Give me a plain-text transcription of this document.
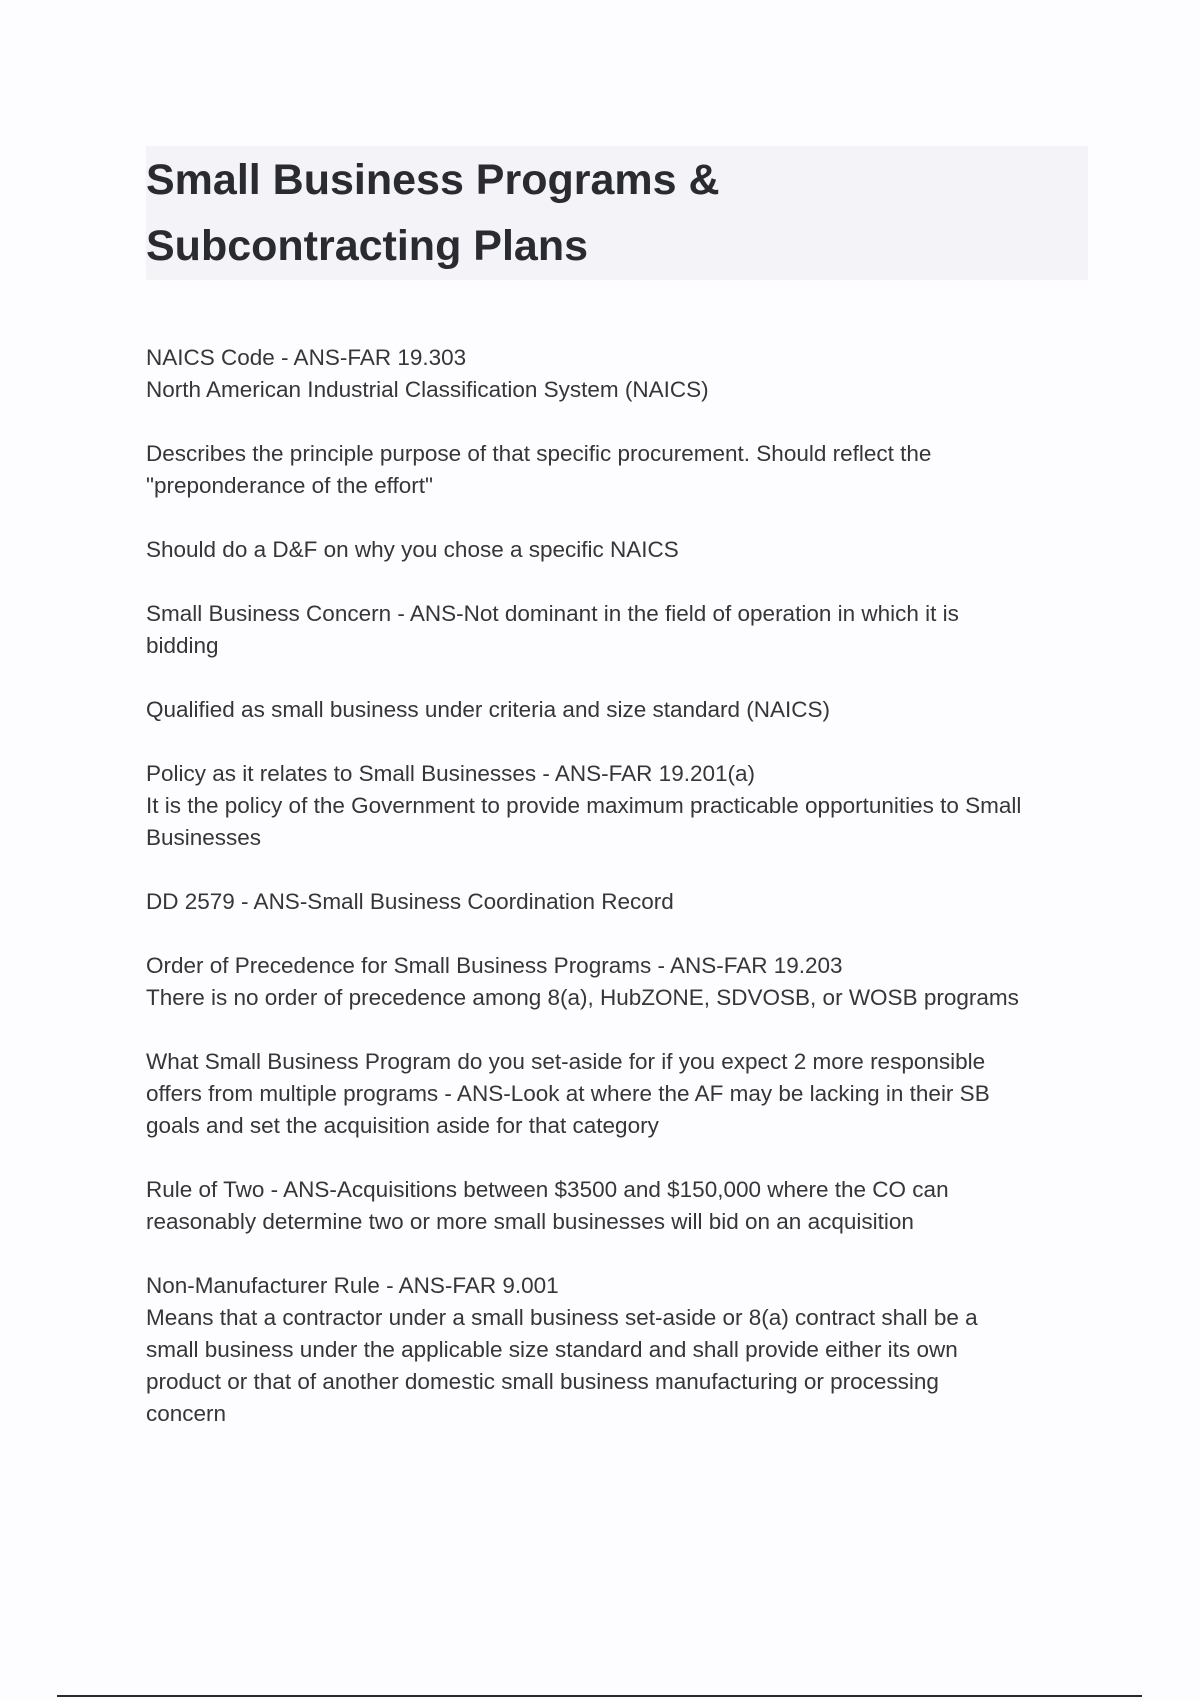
Small Business Programs &
Subcontracting Plans

NAICS Code - ANS-FAR 19.303
North American Industrial Classification System (NAICS)

Describes the principle purpose of that specific procurement. Should reflect the
"preponderance of the effort"

Should do a D&F on why you chose a specific NAICS

Small Business Concern - ANS-Not dominant in the field of operation in which it is
bidding

Qualified as small business under criteria and size standard (NAICS)

Policy as it relates to Small Businesses - ANS-FAR 19.201(a)
It is the policy of the Government to provide maximum practicable opportunities to Small
Businesses

DD 2579 - ANS-Small Business Coordination Record

Order of Precedence for Small Business Programs - ANS-FAR 19.203
There is no order of precedence among 8(a), HubZONE, SDVOSB, or WOSB programs

What Small Business Program do you set-aside for if you expect 2 more responsible
offers from multiple programs - ANS-Look at where the AF may be lacking in their SB
goals and set the acquisition aside for that category

Rule of Two - ANS-Acquisitions between $3500 and $150,000 where the CO can
reasonably determine two or more small businesses will bid on an acquisition

Non-Manufacturer Rule - ANS-FAR 9.001
Means that a contractor under a small business set-aside or 8(a) contract shall be a
small business under the applicable size standard and shall provide either its own
product or that of another domestic small business manufacturing or processing
concern
